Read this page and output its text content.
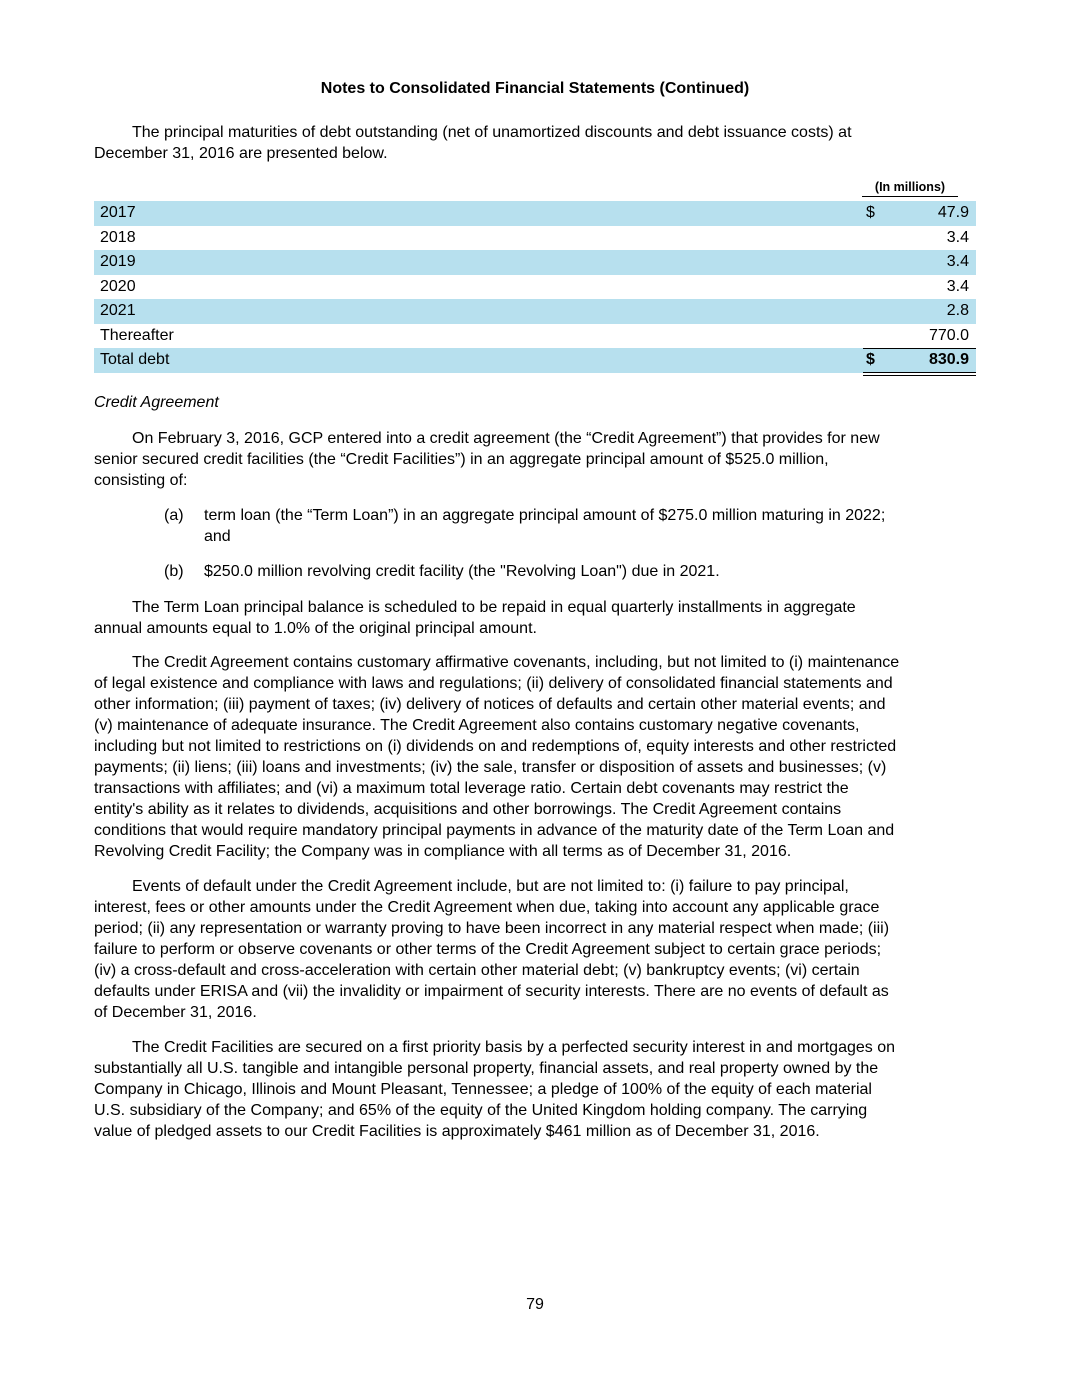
Notes to Consolidated Financial Statements (Continued)
The principal maturities of debt outstanding (net of unamortized discounts and debt issuance costs) at
December 31, 2016 are presented below.
(In millions)
2017	$	47.9
2018	3.4
2019	3.4
2020	3.4
2021	2.8
Thereafter	770.0
Total debt	$	830.9
Credit Agreement
On February 3, 2016, GCP entered into a credit agreement (the “Credit Agreement”) that provides for new
senior secured credit facilities (the “Credit Facilities”) in an aggregate principal amount of $525.0 million,
consisting of:
(a) term loan (the “Term Loan”) in an aggregate principal amount of $275.0 million maturing in 2022;
and
(b) $250.0 million revolving credit facility (the "Revolving Loan") due in 2021.
The Term Loan principal balance is scheduled to be repaid in equal quarterly installments in aggregate
annual amounts equal to 1.0% of the original principal amount.
The Credit Agreement contains customary affirmative covenants, including, but not limited to (i) maintenance
of legal existence and compliance with laws and regulations; (ii) delivery of consolidated financial statements and
other information; (iii) payment of taxes; (iv) delivery of notices of defaults and certain other material events; and
(v) maintenance of adequate insurance. The Credit Agreement also contains customary negative covenants,
including but not limited to restrictions on (i) dividends on and redemptions of, equity interests and other restricted
payments; (ii) liens; (iii) loans and investments; (iv) the sale, transfer or disposition of assets and businesses; (v)
transactions with affiliates; and (vi) a maximum total leverage ratio. Certain debt covenants may restrict the
entity's ability as it relates to dividends, acquisitions and other borrowings. The Credit Agreement contains
conditions that would require mandatory principal payments in advance of the maturity date of the Term Loan and
Revolving Credit Facility; the Company was in compliance with all terms as of December 31, 2016.
Events of default under the Credit Agreement include, but are not limited to: (i) failure to pay principal,
interest, fees or other amounts under the Credit Agreement when due, taking into account any applicable grace
period; (ii) any representation or warranty proving to have been incorrect in any material respect when made; (iii)
failure to perform or observe covenants or other terms of the Credit Agreement subject to certain grace periods;
(iv) a cross-default and cross-acceleration with certain other material debt; (v) bankruptcy events; (vi) certain
defaults under ERISA and (vii) the invalidity or impairment of security interests. There are no events of default as
of December 31, 2016.
The Credit Facilities are secured on a first priority basis by a perfected security interest in and mortgages on
substantially all U.S. tangible and intangible personal property, financial assets, and real property owned by the
Company in Chicago, Illinois and Mount Pleasant, Tennessee; a pledge of 100% of the equity of each material
U.S. subsidiary of the Company; and 65% of the equity of the United Kingdom holding company. The carrying
value of pledged assets to our Credit Facilities is approximately $461 million as of December 31, 2016.
79
